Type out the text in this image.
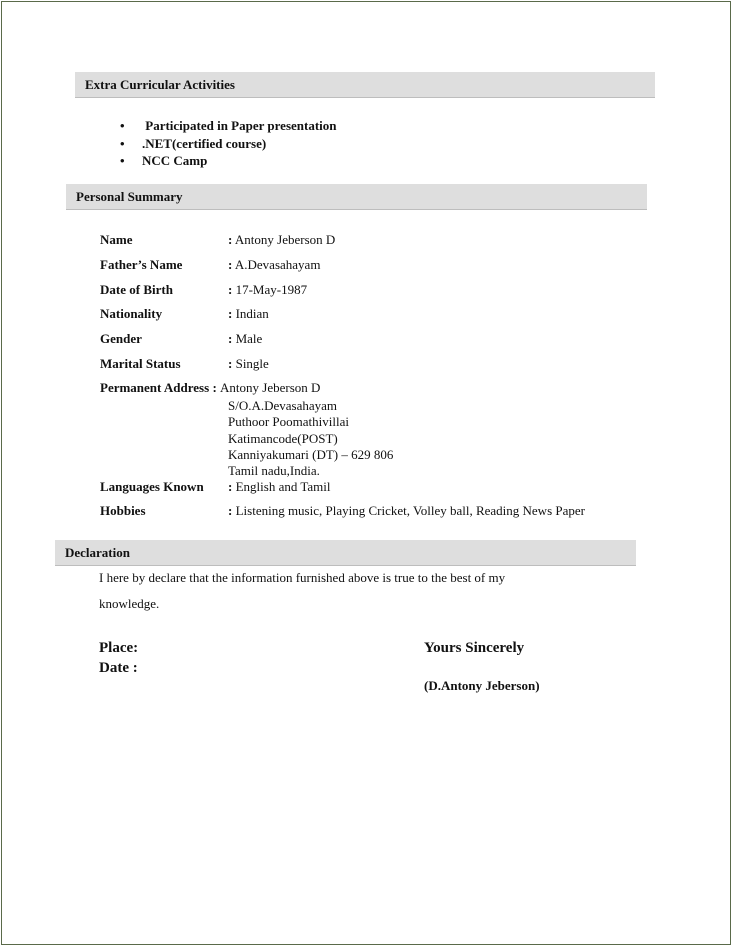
Extra Curricular Activities
• Participated in Paper presentation
• .NET(certified course)
• NCC Camp
Personal Summary
Name	: Antony Jeberson D
Father’s Name	: A.Devasahayam
Date of Birth	: 17-May-1987
Nationality	: Indian
Gender	: Male
Marital Status	: Single
Permanent Address : Antony Jeberson D
S/O.A.Devasahayam
Puthoor Poomathivillai
Katimancode(POST)
Kanniyakumari (DT) – 629 806
Tamil nadu,India.
Languages Known : English and Tamil
Hobbies	: Listening music, Playing Cricket, Volley ball, Reading News Paper
Declaration
I here by declare that the information furnished above is true to the best of my
knowledge.
Place:
Date :
Yours Sincerely
(D.Antony Jeberson)
